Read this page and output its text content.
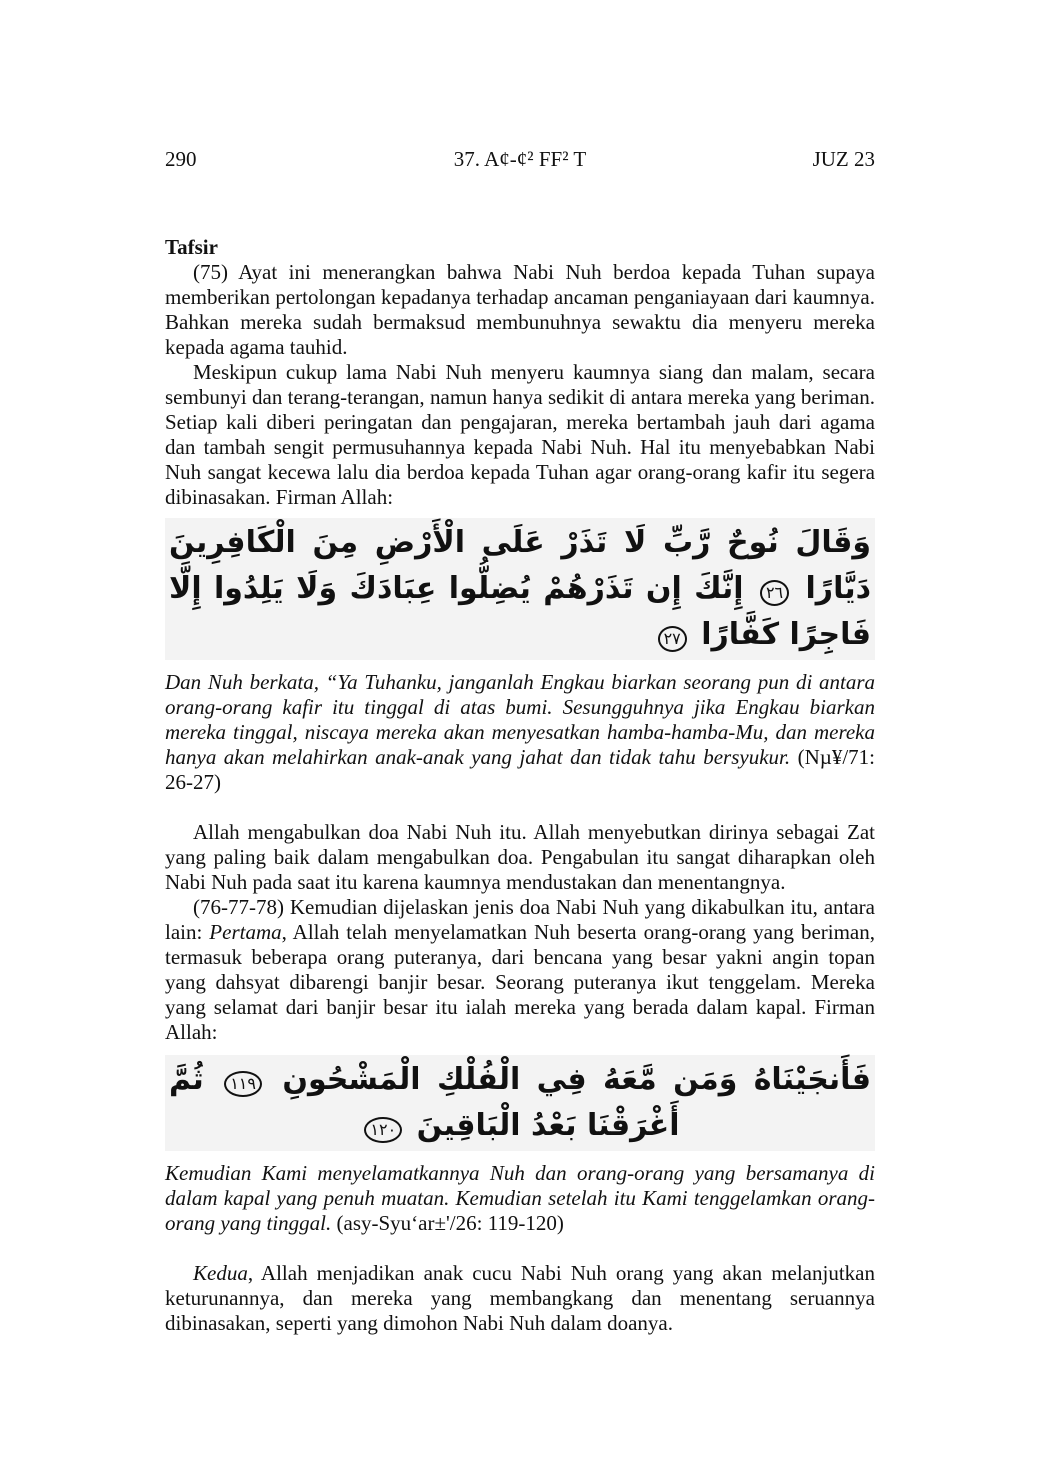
290	37. A¢-¢² FF² T	JUZ 23
Tafsir

(75) Ayat ini menerangkan bahwa Nabi Nuh berdoa kepada Tuhan supaya memberikan pertolongan kepadanya terhadap ancaman penganiayaan dari kaumnya. Bahkan mereka sudah bermaksud membunuhnya sewaktu dia menyeru mereka kepada agama tauhid.

Meskipun cukup lama Nabi Nuh menyeru kaumnya siang dan malam, secara sembunyi dan terang-terangan, namun hanya sedikit di antara mereka yang beriman. Setiap kali diberi peringatan dan pengajaran, mereka bertambah jauh dari agama dan tambah sengit permusuhannya kepada Nabi Nuh. Hal itu menyebabkan Nabi Nuh sangat kecewa lalu dia berdoa kepada Tuhan agar orang-orang kafir itu segera dibinasakan. Firman Allah:

وَقَالَ نُوحٌ رَّبِّ لَا تَذَرْ عَلَى الْأَرْضِ مِنَ الْكَافِرِينَ دَيَّارًا ٢٦ إِنَّكَ إِن تَذَرْهُمْ يُضِلُّوا عِبَادَكَ وَلَا يَلِدُوا إِلَّا فَاجِرًا كَفَّارًا ٢٧

Dan Nuh berkata, “Ya Tuhanku, janganlah Engkau biarkan seorang pun di antara orang-orang kafir itu tinggal di atas bumi. Sesungguhnya jika Engkau biarkan mereka tinggal, niscaya mereka akan menyesatkan hamba-hamba-Mu, dan mereka hanya akan melahirkan anak-anak yang jahat dan tidak tahu bersyukur. (Nµ¥/71: 26-27)

Allah mengabulkan doa Nabi Nuh itu. Allah menyebutkan dirinya sebagai Zat yang paling baik dalam mengabulkan doa. Pengabulan itu sangat diharapkan oleh Nabi Nuh pada saat itu karena kaumnya mendustakan dan menentangnya.

(76-77-78) Kemudian dijelaskan jenis doa Nabi Nuh yang dikabulkan itu, antara lain: Pertama, Allah telah menyelamatkan Nuh beserta orang-orang yang beriman, termasuk beberapa orang puteranya, dari bencana yang besar yakni angin topan yang dahsyat dibarengi banjir besar. Seorang puteranya ikut tenggelam. Mereka yang selamat dari banjir besar itu ialah mereka yang berada dalam kapal. Firman Allah:

فَأَنجَيْنَاهُ وَمَن مَّعَهُ فِي الْفُلْكِ الْمَشْحُونِ ١١٩ ثُمَّ أَغْرَقْنَا بَعْدُ الْبَاقِينَ ١٢٠

Kemudian Kami menyelamatkannya Nuh dan orang-orang yang bersamanya di dalam kapal yang penuh muatan. Kemudian setelah itu Kami tenggelamkan orang-orang yang tinggal. (asy-Syu‘ar±'/26: 119-120)

Kedua, Allah menjadikan anak cucu Nabi Nuh orang yang akan melanjutkan keturunannya, dan mereka yang membangkang dan menentang seruannya dibinasakan, seperti yang dimohon Nabi Nuh dalam doanya.
